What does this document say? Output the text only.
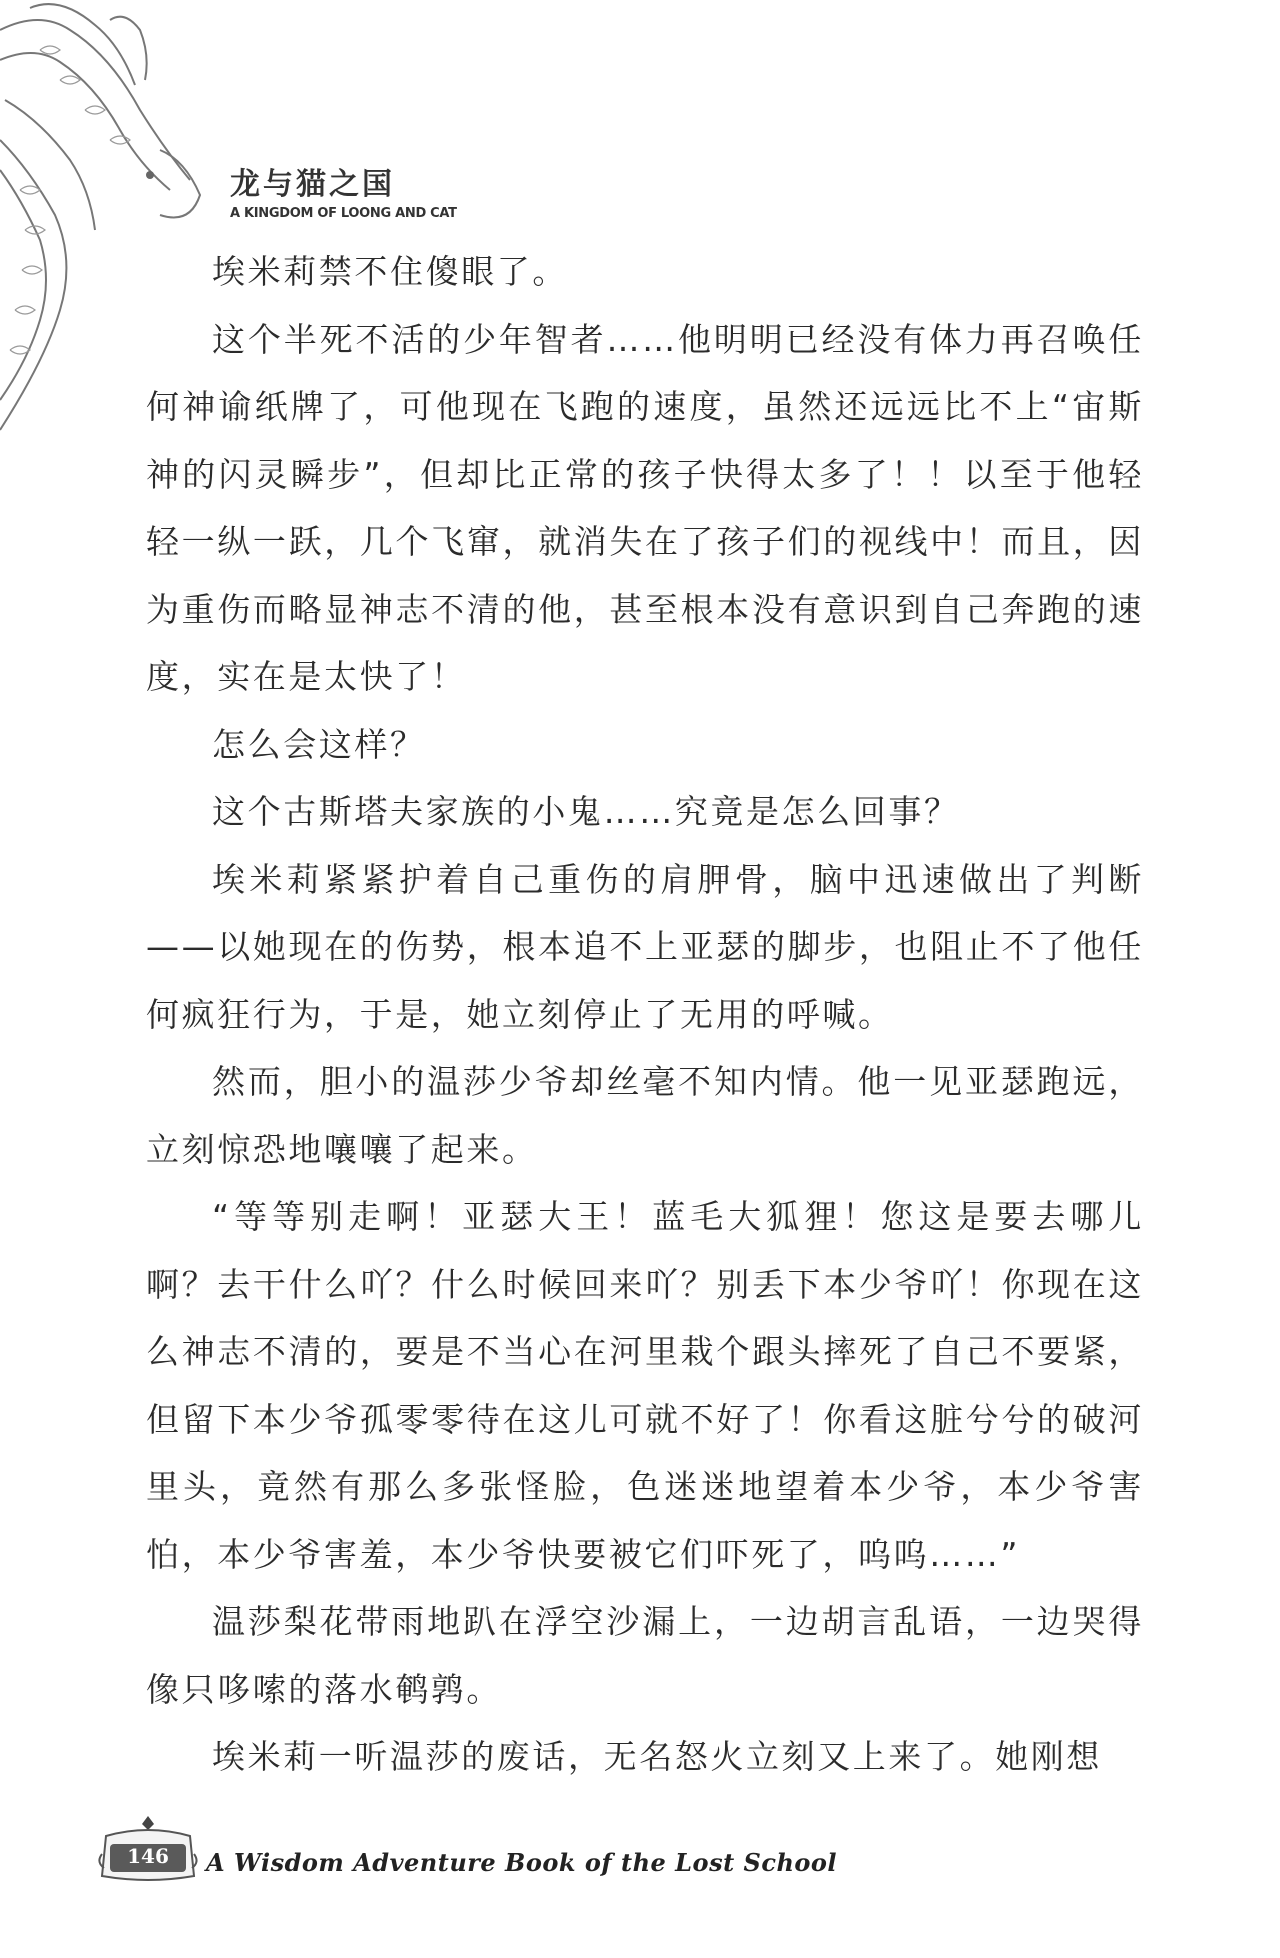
龙与猫之国
A KINGDOM OF LOONG AND CAT

埃米莉禁不住傻眼了。

这个半死不活的少年智者……他明明已经没有体力再召唤任何神谕纸牌了，可他现在飞跑的速度，虽然还远远比不上“宙斯神的闪灵瞬步”，但却比正常的孩子快得太多了！！以至于他轻轻一纵一跃，几个飞窜，就消失在了孩子们的视线中！而且，因为重伤而略显神志不清的他，甚至根本没有意识到自己奔跑的速度，实在是太快了！

怎么会这样？

这个古斯塔夫家族的小鬼……究竟是怎么回事？

埃米莉紧紧护着自己重伤的肩胛骨，脑中迅速做出了判断——以她现在的伤势，根本追不上亚瑟的脚步，也阻止不了他任何疯狂行为，于是，她立刻停止了无用的呼喊。

然而，胆小的温莎少爷却丝毫不知内情。他一见亚瑟跑远，立刻惊恐地嚷嚷了起来。

“等等别走啊！亚瑟大王！蓝毛大狐狸！您这是要去哪儿啊？去干什么吖？什么时候回来吖？别丢下本少爷吖！你现在这么神志不清的，要是不当心在河里栽个跟头摔死了自己不要紧，但留下本少爷孤零零待在这儿可就不好了！你看这脏兮兮的破河里头，竟然有那么多张怪脸，色迷迷地望着本少爷，本少爷害怕，本少爷害羞，本少爷快要被它们吓死了，呜呜……”

温莎梨花带雨地趴在浮空沙漏上，一边胡言乱语，一边哭得像只哆嗦的落水鹌鹑。

埃米莉一听温莎的废话，无名怒火立刻又上来了。她刚想

146	A Wisdom Adventure Book of the Lost School
